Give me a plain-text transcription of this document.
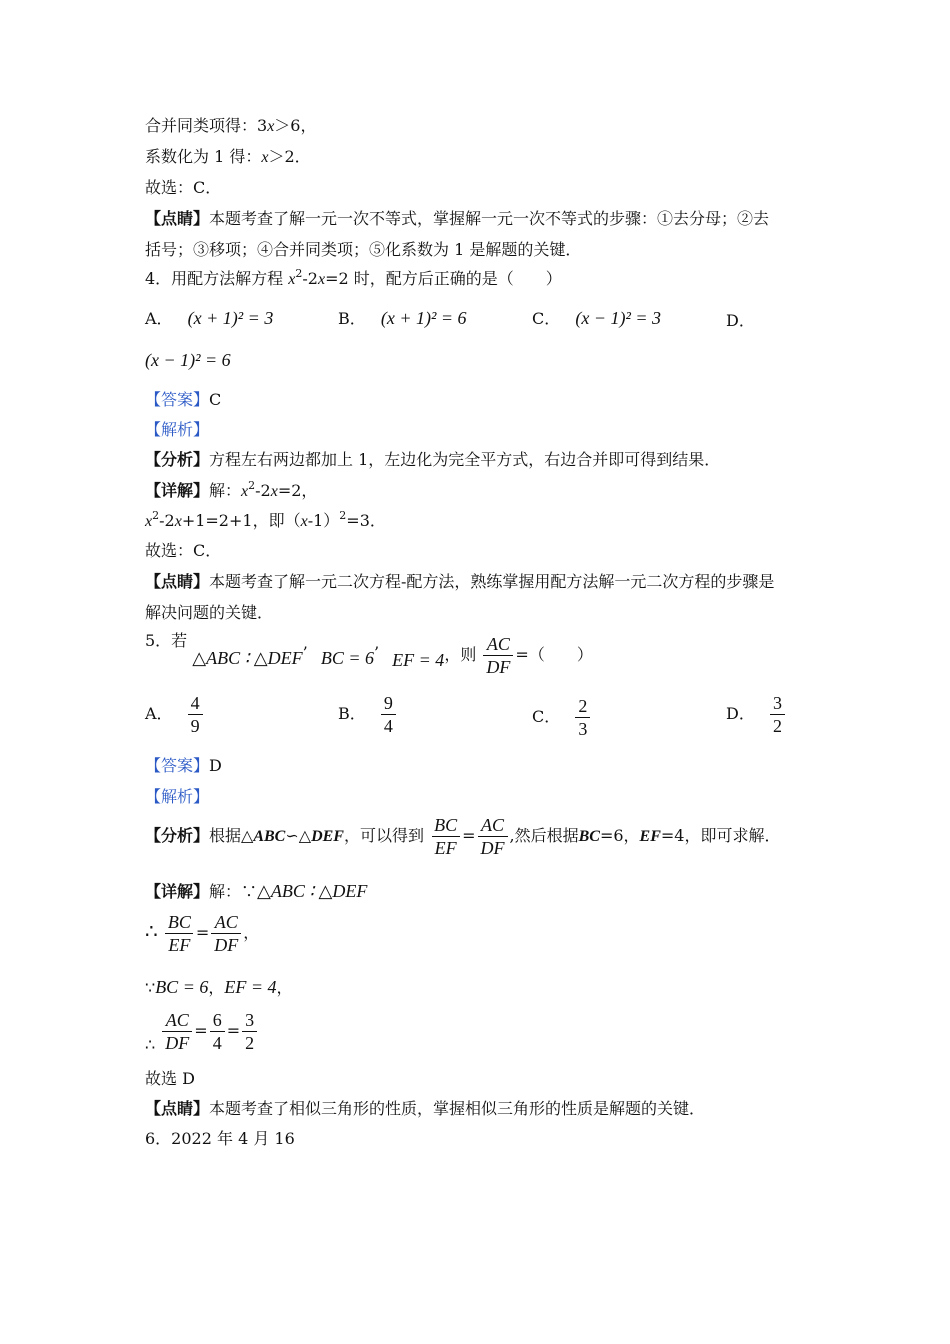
合并同类项得：3x＞6，
系数化为 1 得：x＞2．
故选：C．
【点睛】本题考查了解一元一次不等式，掌握解一元一次不等式的步骤：①去分母；②去
括号；③移项；④合并同类项；⑤化系数为 1 是解题的关键．
4．用配方法解方程 $x^2-2x=2$ 时，配方后正确的是（　　）
A． (x + 1)² = 3	B． (x + 1)² = 6	C． (x − 1)² = 3	D．
(x − 1)² = 6
【答案】C
【解析】
【分析】方程左右两边都加上 1，左边化为完全平方式，右边合并即可得到结果．
【详解】解：$x^2-2x=2$，
$x^2-2x+1=2+1$，即$(x-1)^2=3$．
故选：C．
【点睛】本题考查了解一元二次方程-配方法，熟练掌握用配方法解一元二次方程的步骤是
解决问题的关键．
5．若 △ABC ∶ △DEF’ BC = 6’ EF = 4，则 $\frac{AC}{DF}$ =（　　）
A． $\frac{4}{9}$	B． $\frac{9}{4}$	C． $\frac{2}{3}$	D． $\frac{3}{2}$
【答案】D
【解析】
【分析】根据△ABC∽△DEF，可以得到 $\frac{BC}{EF} = \frac{AC}{DF}$ ,然后根据BC=6，EF=4，即可求解．
【详解】解：∵△ABC ∶ △DEF
∴ $\frac{BC}{EF} = \frac{AC}{DF}$ ，
∵BC = 6，EF = 4，
∴ $\frac{AC}{DF} = \frac{6}{4} = \frac{3}{2}$
故选 D
【点睛】本题考查了相似三角形的性质，掌握相似三角形的性质是解题的关键．
6．2022 年 4 月 16
